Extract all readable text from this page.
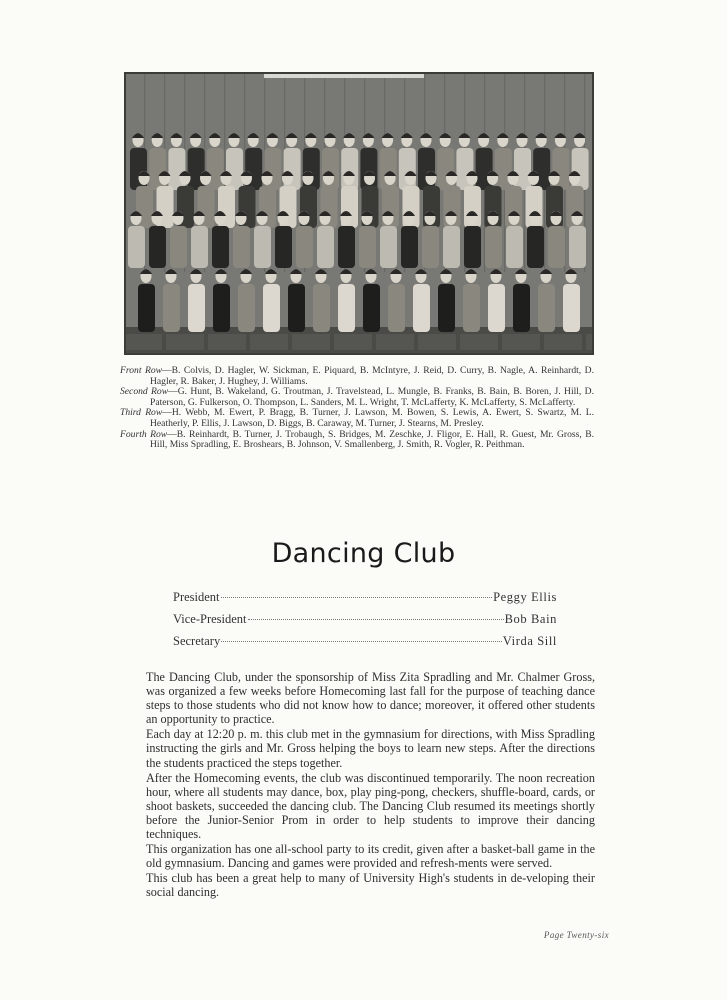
Front Row—B. Colvis, D. Hagler, W. Sickman, E. Piquard, B. McIntyre, J. Reid, D. Curry, B. Nagle, A. Reinhardt, D. Hagler, R. Baker, J. Hughey, J. Williams.

Second Row—G. Hunt, B. Wakeland, G. Troutman, J. Travelstead, L. Mungle, B. Franks, B. Bain, B. Boren, J. Hill, D. Paterson, G. Fulkerson, O. Thompson, L. Sanders, M. L. Wright, T. McLafferty, K. McLafferty, S. McLafferty.

Third Row—H. Webb, M. Ewert, P. Bragg, B. Turner, J. Lawson, M. Bowen, S. Lewis, A. Ewert, S. Swartz, M. L. Heatherly, P. Ellis, J. Lawson, D. Biggs, B. Caraway, M. Turner, J. Stearns, M. Presley.

Fourth Row—B. Reinhardt, B. Turner, J. Trobaugh, S. Bridges, M. Zeschke, J. Fligor, E. Hall, R. Guest, Mr. Gross, B. Hill, Miss Spradling, E. Broshears, B. Johnson, V. Smallenberg, J. Smith, R. Vogler, R. Peithman.

Dancing Club
President	Peggy Ellis
Vice-President	Bob Bain
Secretary	Virda Sill

The Dancing Club, under the sponsorship of Miss Zita Spradling and Mr. Chalmer Gross, was organized a few weeks before Homecoming last fall for the purpose of teaching dance steps to those students who did not know how to dance; moreover, it offered other students an opportunity to practice.

Each day at 12:20 p. m. this club met in the gymnasium for directions, with Miss Spradling instructing the girls and Mr. Gross helping the boys to learn new steps. After the directions the students practiced the steps together.

After the Homecoming events, the club was discontinued temporarily. The noon recreation hour, where all students may dance, box, play ping-pong, checkers, shuffle-board, cards, or shoot baskets, succeeded the dancing club. The Dancing Club resumed its meetings shortly before the Junior-Senior Prom in order to help students to improve their dancing techniques.

This organization has one all-school party to its credit, given after a basket-ball game in the old gymnasium. Dancing and games were provided and refresh-ments were served.

This club has been a great help to many of University High's students in de-veloping their social dancing.

Page Twenty-six
